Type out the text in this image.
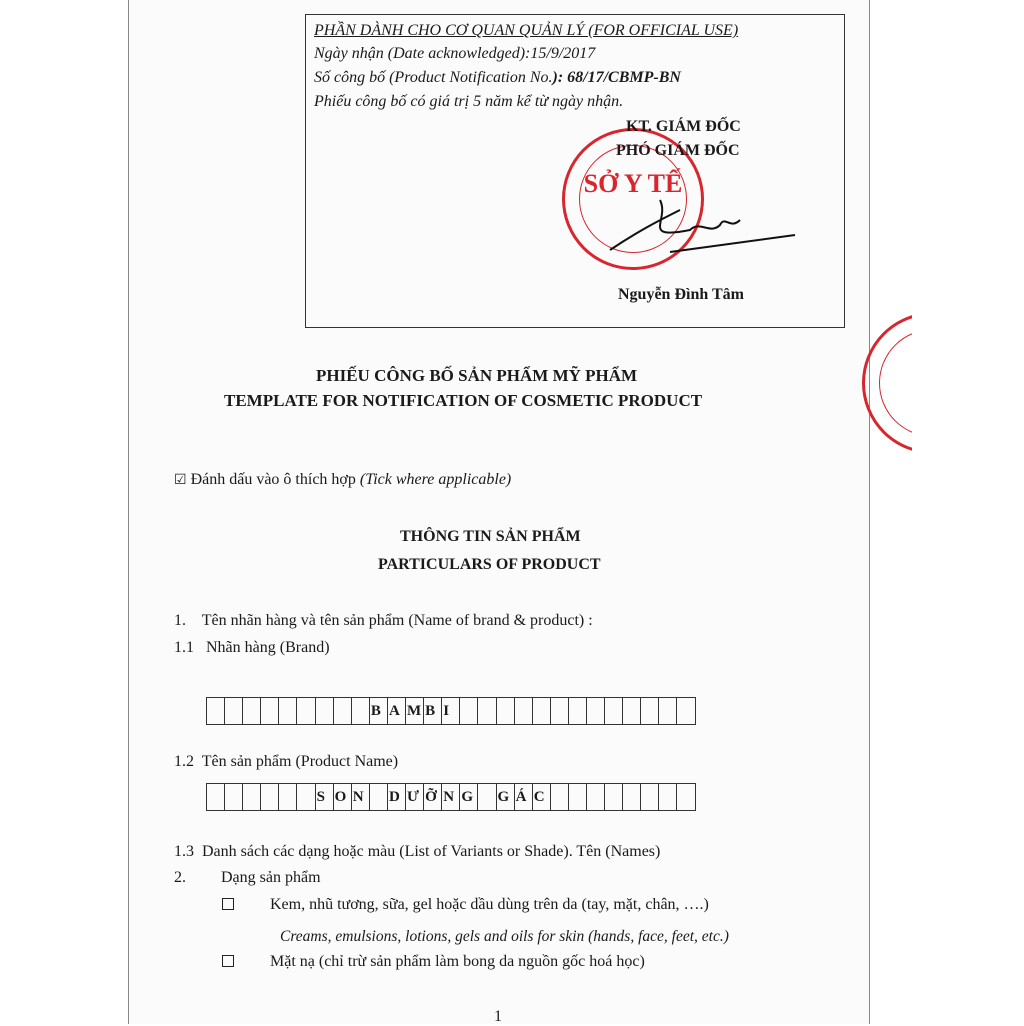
PHẦN DÀNH CHO CƠ QUAN QUẢN LÝ (FOR OFFICIAL USE)
Ngày nhận (Date acknowledged):15/9/2017
Số công bố (Product Notification No.): 68/17/CBMP-BN
Phiếu công bố có giá trị 5 năm kể từ ngày nhận.
SỞ Y TẾ
KT. GIÁM ĐỐC
PHÓ GIÁM ĐỐC
Nguyễn Đình Tâm
PHIẾU CÔNG BỐ SẢN PHẨM MỸ PHẨM
TEMPLATE FOR NOTIFICATION OF COSMETIC PRODUCT
☑ Đánh dấu vào ô thích hợp (Tick where applicable)
THÔNG TIN SẢN PHẨM
PARTICULARS OF PRODUCT
1.    Tên nhãn hàng và tên sản phẩm (Name of brand & product) :
1.1   Nhãn hàng (Brand)
B A M B I
1.2  Tên sản phẩm (Product Name)
S O N	D Ư Ỡ N G	G Á C
1.3  Danh sách các dạng hoặc màu (List of Variants or Shade). Tên (Names)
2. Dạng sản phẩm
Kem, nhũ tương, sữa, gel hoặc dầu dùng trên da (tay, mặt, chân, ….)
Creams, emulsions, lotions, gels and oils for skin (hands, face, feet, etc.)
Mặt nạ (chỉ trừ sản phẩm làm bong da nguồn gốc hoá học)
1
